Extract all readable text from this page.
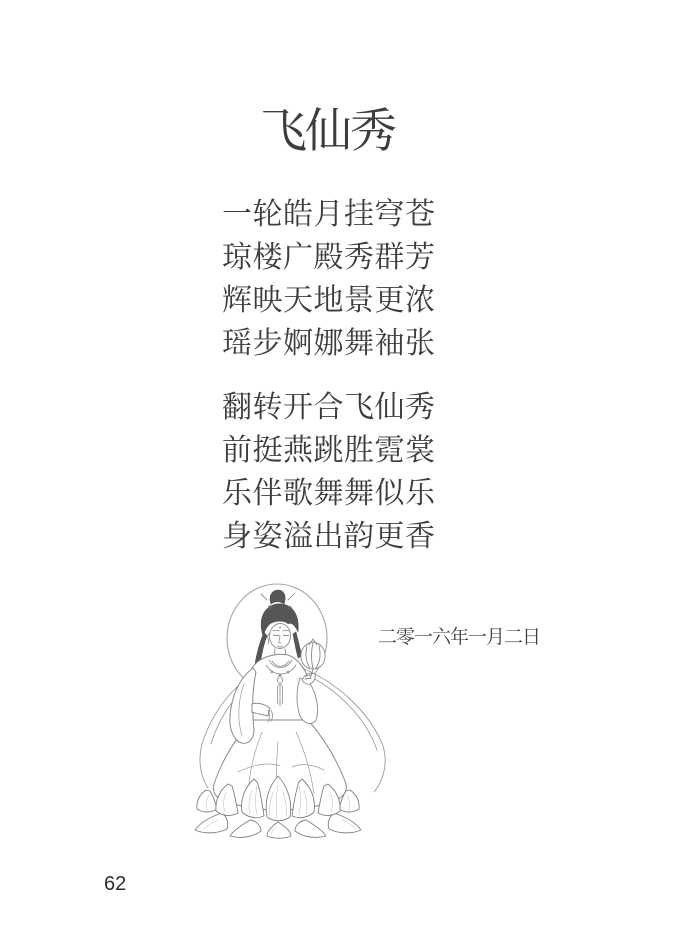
飞仙秀
一轮皓月挂穹苍
琼楼广殿秀群芳
辉映天地景更浓
瑶步婀娜舞袖张
翻转开合飞仙秀
前挺燕跳胜霓裳
乐伴歌舞舞似乐
身姿溢出韵更香
二零一六年一月二日
62
